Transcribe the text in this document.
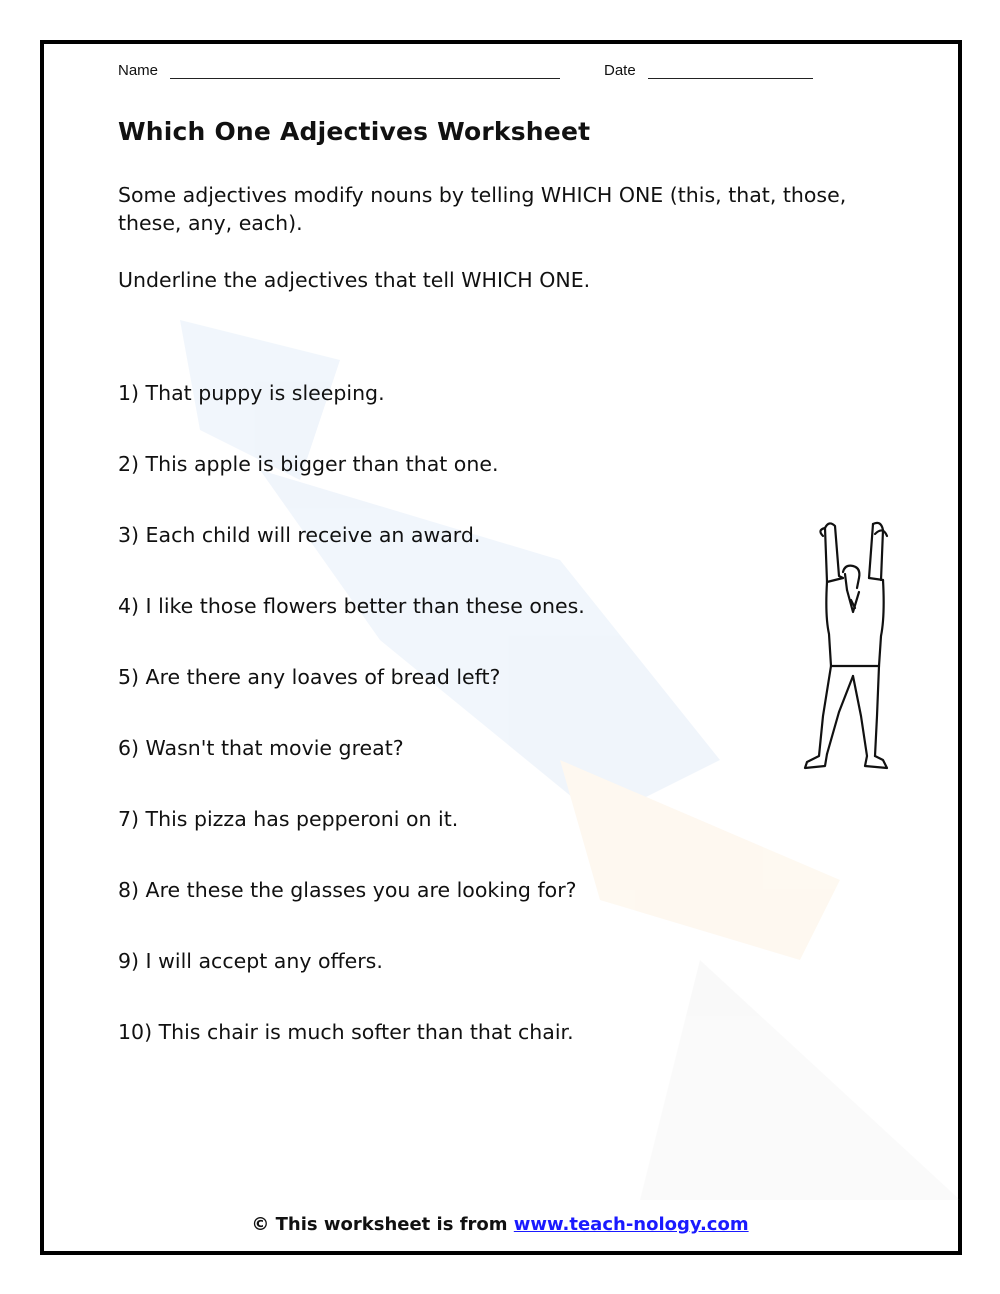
Name	Date
Which One Adjectives Worksheet
Some adjectives modify nouns by telling WHICH ONE (this, that, those, these, any, each).
Underline the adjectives that tell WHICH ONE.
1) That puppy is sleeping.
2) This apple is bigger than that one.
3) Each child will receive an award.
4) I like those flowers better than these ones.
5) Are there any loaves of bread left?
6) Wasn't that movie great?
7) This pizza has pepperoni on it.
8) Are these the glasses you are looking for?
9) I will accept any offers.
10) This chair is much softer than that chair.
© This worksheet is from www.teach-nology.com
